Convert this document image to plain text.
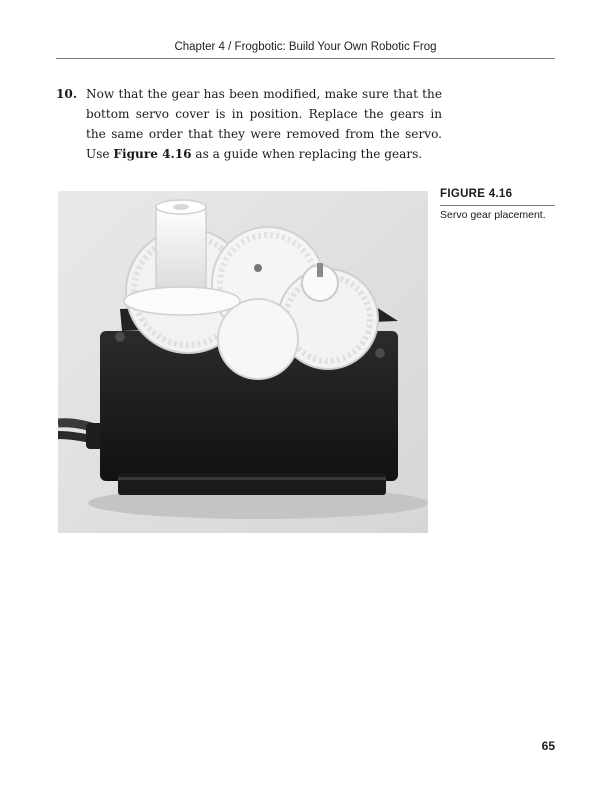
Chapter 4 / Frogbotic: Build Your Own Robotic Frog
10. Now that the gear has been modified, make sure that the bottom servo cover is in position. Replace the gears in the same order that they were removed from the servo. Use Figure 4.16 as a guide when replacing the gears.
FIGURE 4.16
Servo gear placement.
65
